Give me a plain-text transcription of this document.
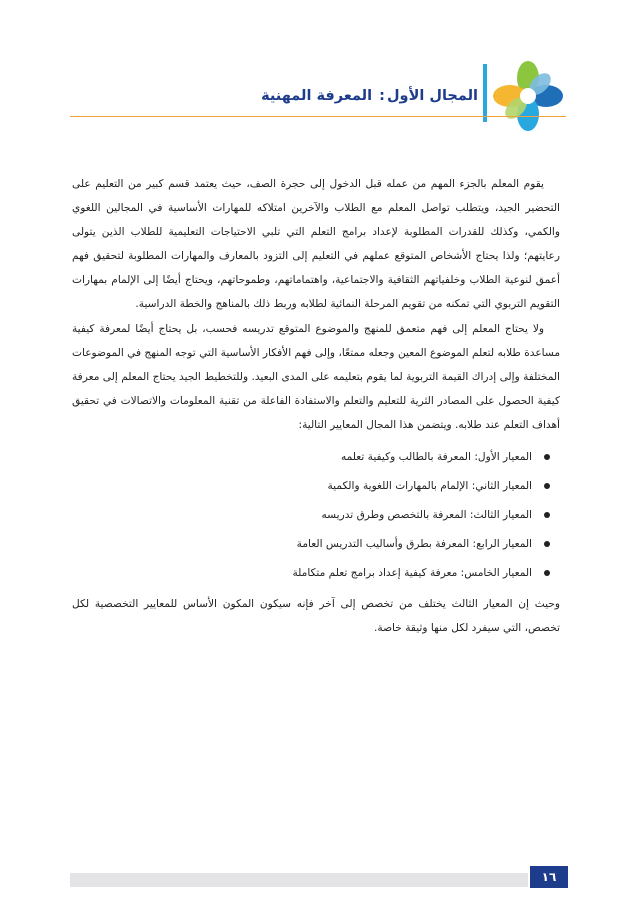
المجال الأول: المعرفة المهنية

يقوم المعلم بالجزء المهم من عمله قبل الدخول إلى حجرة الصف، حيث يعتمد قسم كبير من التعليم على التحضير الجيد، ويتطلب تواصل المعلم مع الطلاب والآخرين امتلاكه للمهارات الأساسية في المجالين اللغوي والكمي، وكذلك للقدرات المطلوبة لإعداد برامج التعلم التي تلبي الاحتياجات التعليمية للطلاب الذين يتولى رعايتهم؛ ولذا يحتاج الأشخاص المتوقع عملهم في التعليم إلى التزود بالمعارف والمهارات المطلوبة لتحقيق فهم أعمق لنوعية الطلاب وخلفياتهم الثقافية والاجتماعية، واهتماماتهم، وطموحاتهم، ويحتاج أيضًا إلى الإلمام بمهارات التقويم التربوي التي تمكنه من تقويم المرحلة النمائية لطلابه وربط ذلك بالمناهج والخطة الدراسية.

ولا يحتاج المعلم إلى فهم متعمق للمنهج والموضوع المتوقع تدريسه فحسب، بل يحتاج أيضًا لمعرفة كيفية مساعدة طلابه لتعلم الموضوع المعين وجعله ممتعًا، وإلى فهم الأفكار الأساسية التي توجه المنهج في الموضوعات المختلفة وإلى إدراك القيمة التربوية لما يقوم بتعليمه على المدى البعيد. وللتخطيط الجيد يحتاج المعلم إلى معرفة كيفية الحصول على المصادر الثرية للتعليم والتعلم والاستفادة الفاعلة من تقنية المعلومات والاتصالات في تحقيق أهداف التعلم عند طلابه. ويتضمن هذا المجال المعايير التالية:

المعيار الأول: المعرفة بالطالب وكيفية تعلمه
المعيار الثاني: الإلمام بالمهارات اللغوية والكمية
المعيار الثالث: المعرفة بالتخصص وطرق تدريسه
المعيار الرابع: المعرفة بطرق وأساليب التدريس العامة
المعيار الخامس: معرفة كيفية إعداد برامج تعلم متكاملة

وحيث إن المعيار الثالث يختلف من تخصص إلى آخر فإنه سيكون المكون الأساس للمعايير التخصصية لكل تخصص، التي سيفرد لكل منها وثيقة خاصة.

١٦
